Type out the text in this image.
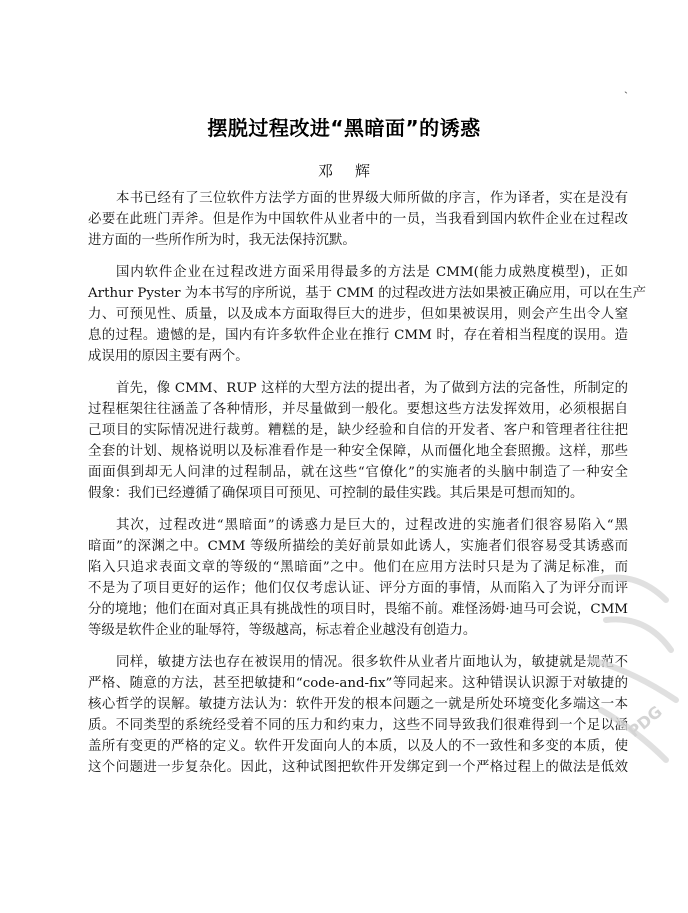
ˏ
摆脱过程改进“黑暗面”的诱惑
邓辉
本书已经有了三位软件方法学方面的世界级大师所做的序言，作为译者，实在是没有
必要在此班门弄斧。但是作为中国软件从业者中的一员，当我看到国内软件企业在过程改
进方面的一些所作所为时，我无法保持沉默。
国内软件企业在过程改进方面采用得最多的方法是 CMM(能力成熟度模型)，正如
Arthur Pyster 为本书写的序所说，基于 CMM 的过程改进方法如果被正确应用，可以在生产
力、可预见性、质量，以及成本方面取得巨大的进步，但如果被误用，则会产生出令人窒
息的过程。遗憾的是，国内有许多软件企业在推行 CMM 时，存在着相当程度的误用。造
成误用的原因主要有两个。
首先，像 CMM、RUP 这样的大型方法的提出者，为了做到方法的完备性，所制定的
过程框架往往涵盖了各种情形，并尽量做到一般化。要想这些方法发挥效用，必须根据自
己项目的实际情况进行裁剪。糟糕的是，缺少经验和自信的开发者、客户和管理者往往把
全套的计划、规格说明以及标准看作是一种安全保障，从而僵化地全套照搬。这样，那些
面面俱到却无人问津的过程制品，就在这些“官僚化”的实施者的头脑中制造了一种安全
假象：我们已经遵循了确保项目可预见、可控制的最佳实践。其后果是可想而知的。
其次，过程改进“黑暗面”的诱惑力是巨大的，过程改进的实施者们很容易陷入“黑
暗面”的深渊之中。CMM 等级所描绘的美好前景如此诱人，实施者们很容易受其诱惑而
陷入只追求表面文章的等级的“黑暗面”之中。他们在应用方法时只是为了满足标准，而
不是为了项目更好的运作；他们仅仅考虑认证、评分方面的事情，从而陷入了为评分而评
分的境地；他们在面对真正具有挑战性的项目时，畏缩不前。难怪汤姆·迪马可会说，CMM
等级是软件企业的耻辱符，等级越高，标志着企业越没有创造力。
同样，敏捷方法也存在被误用的情况。很多软件从业者片面地认为，敏捷就是规范不
严格、随意的方法，甚至把敏捷和“code-and-fix”等同起来。这种错误认识源于对敏捷的
核心哲学的误解。敏捷方法认为：软件开发的根本问题之一就是所处环境变化多端这一本
质。不同类型的系统经受着不同的压力和约束力，这些不同导致我们很难得到一个足以涵
盖所有变更的严格的定义。软件开发面向人的本质，以及人的不一致性和多变的本质，使
这个问题进一步复杂化。因此，这种试图把软件开发绑定到一个严格过程上的做法是低效
PDG
